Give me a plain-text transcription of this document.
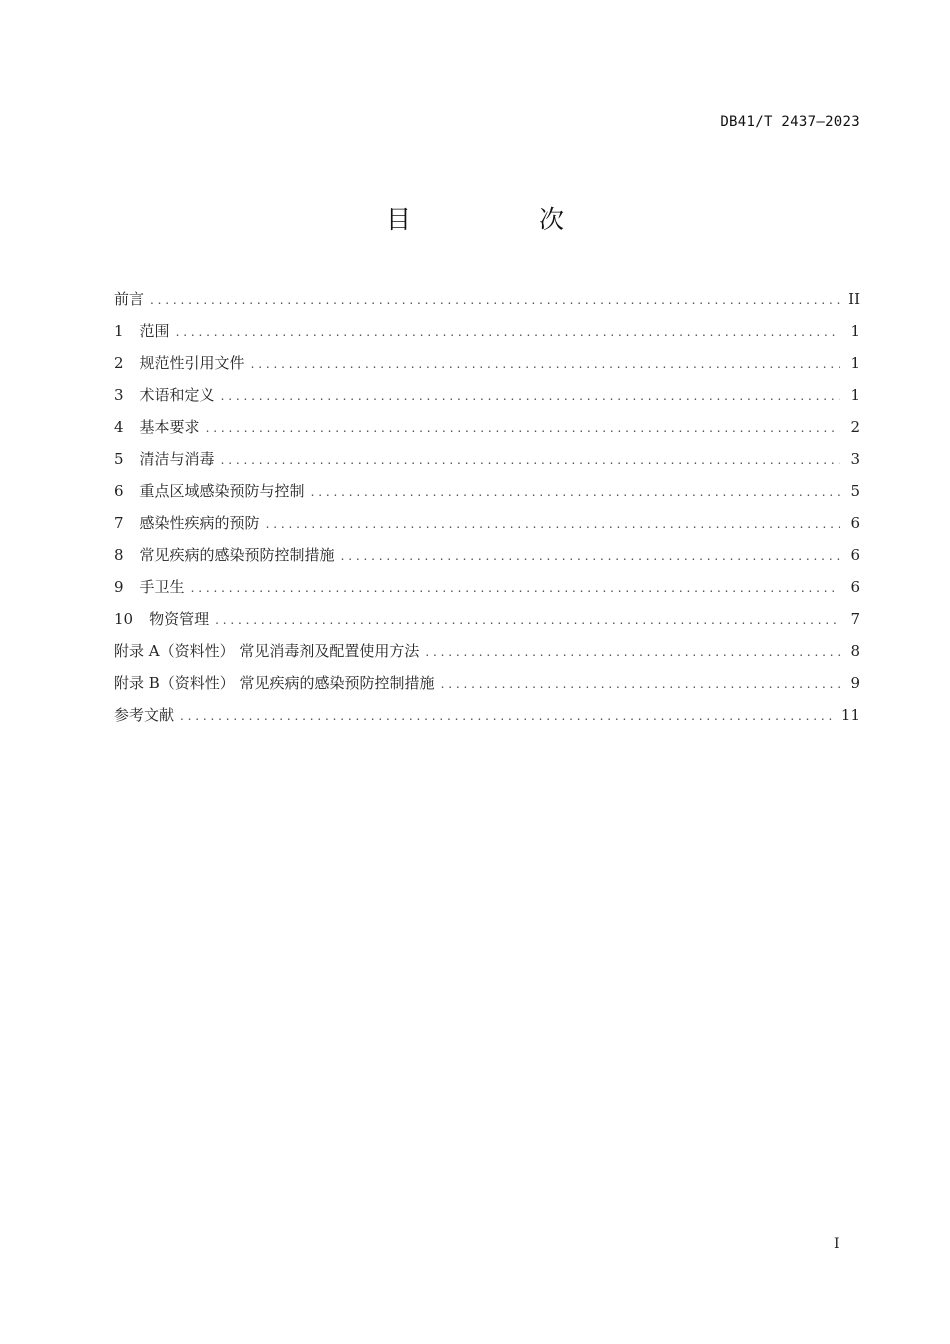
DB41/T 2437—2023
目 次
前言 . . .	II
1 范围 . . .	1
2 规范性引用文件 . . .	1
3 术语和定义 . . .	1
4 基本要求 . . .	2
5 清洁与消毒 . . .	3
6 重点区域感染预防与控制 . . .	5
7 感染性疾病的预防 . . .	6
8 常见疾病的感染预防控制措施 . . .	6
9 手卫生 . . .	6
10 物资管理 . . .	7
附录 A（资料性） 常见消毒剂及配置使用方法 . . .	8
附录 B（资料性） 常见疾病的感染预防控制措施 . . .	9
参考文献 . . .	11
I
